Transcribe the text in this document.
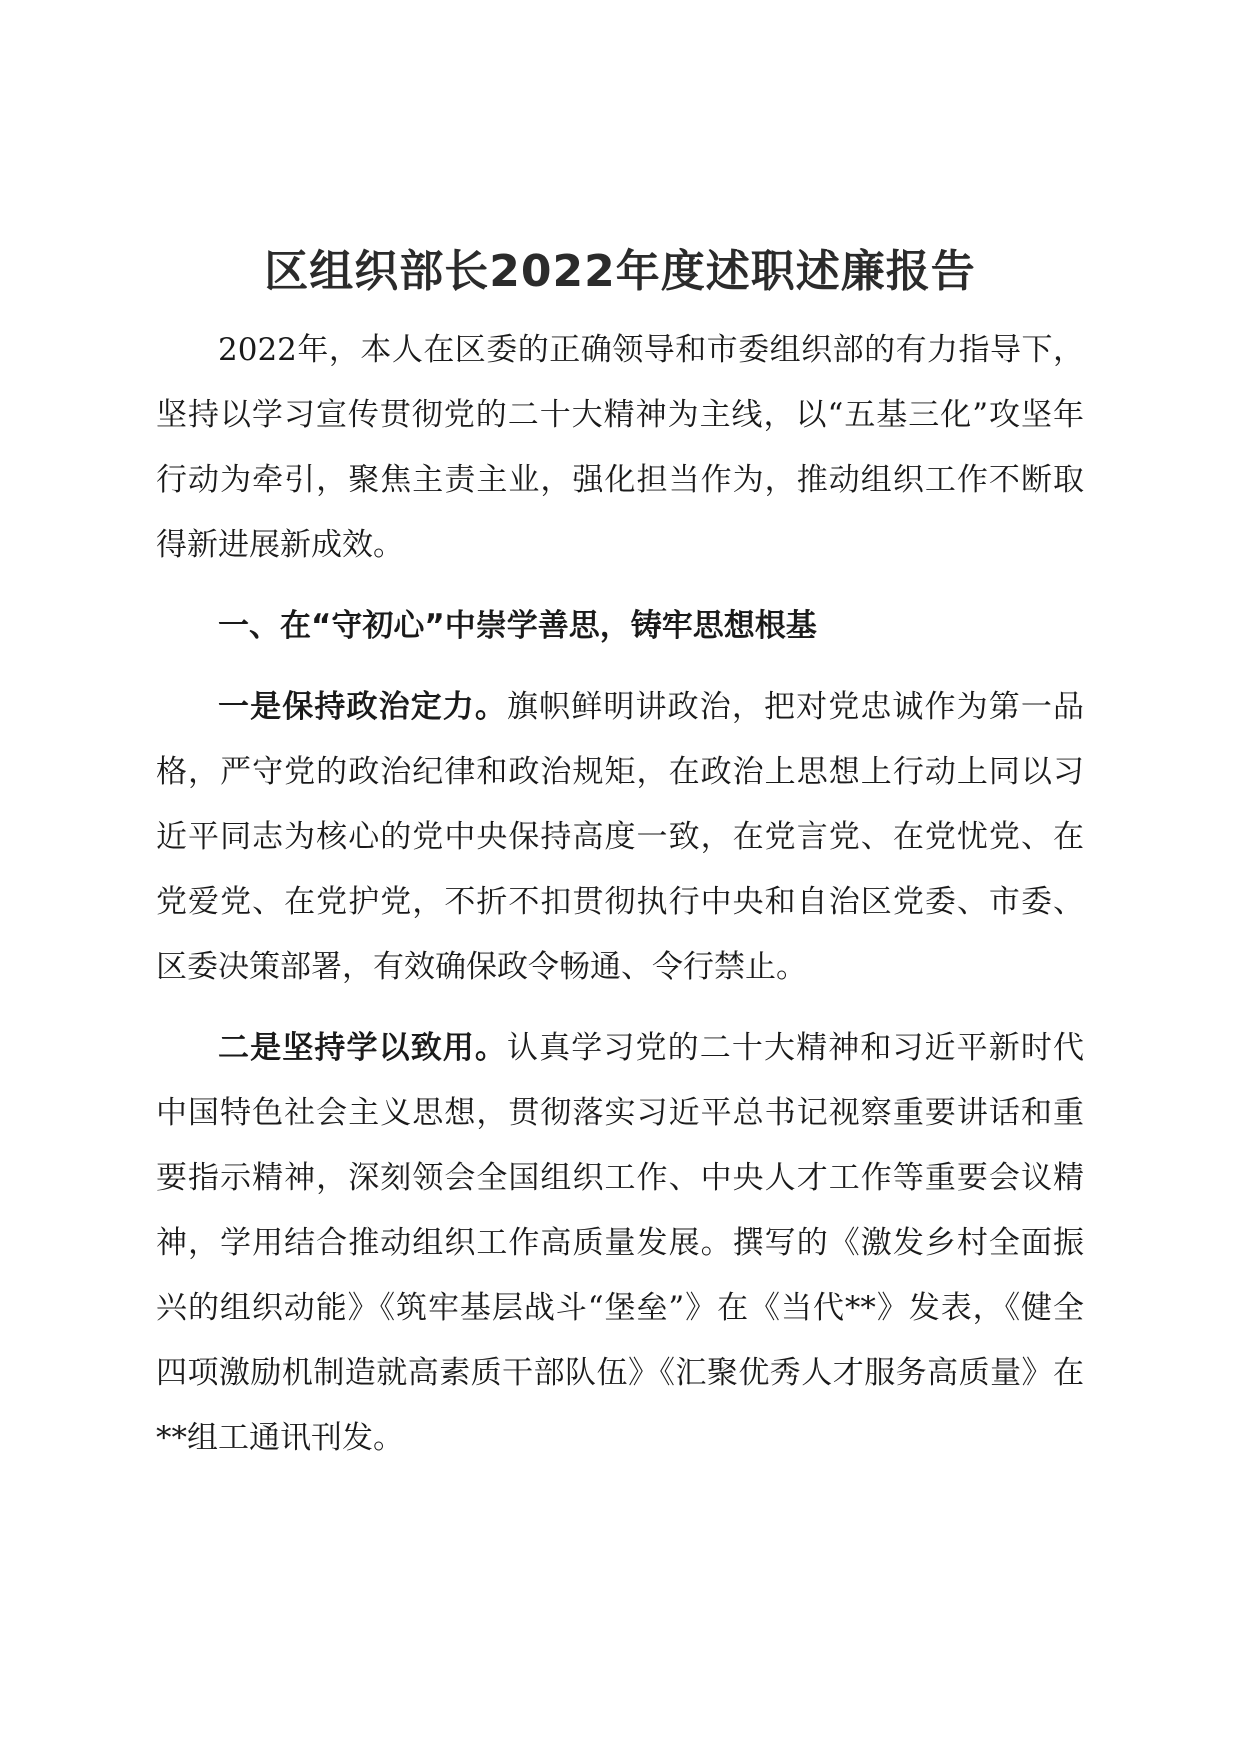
区组织部长2022年度述职述廉报告

2022年，本人在区委的正确领导和市委组织部的有力指导下，坚持以学习宣传贯彻党的二十大精神为主线，以“五基三化”攻坚年行动为牵引，聚焦主责主业，强化担当作为，推动组织工作不断取得新进展新成效。

一、在“守初心”中崇学善思，铸牢思想根基

一是保持政治定力。旗帜鲜明讲政治，把对党忠诚作为第一品格，严守党的政治纪律和政治规矩，在政治上思想上行动上同以习近平同志为核心的党中央保持高度一致，在党言党、在党忧党、在党爱党、在党护党，不折不扣贯彻执行中央和自治区党委、市委、区委决策部署，有效确保政令畅通、令行禁止。

二是坚持学以致用。认真学习党的二十大精神和习近平新时代中国特色社会主义思想，贯彻落实习近平总书记视察重要讲话和重要指示精神，深刻领会全国组织工作、中央人才工作等重要会议精神，学用结合推动组织工作高质量发展。撰写的《激发乡村全面振兴的组织动能》《筑牢基层战斗“堡垒”》在《当代**》发表，《健全四项激励机制造就高素质干部队伍》《汇聚优秀人才服务高质量》在**组工通讯刊发。
